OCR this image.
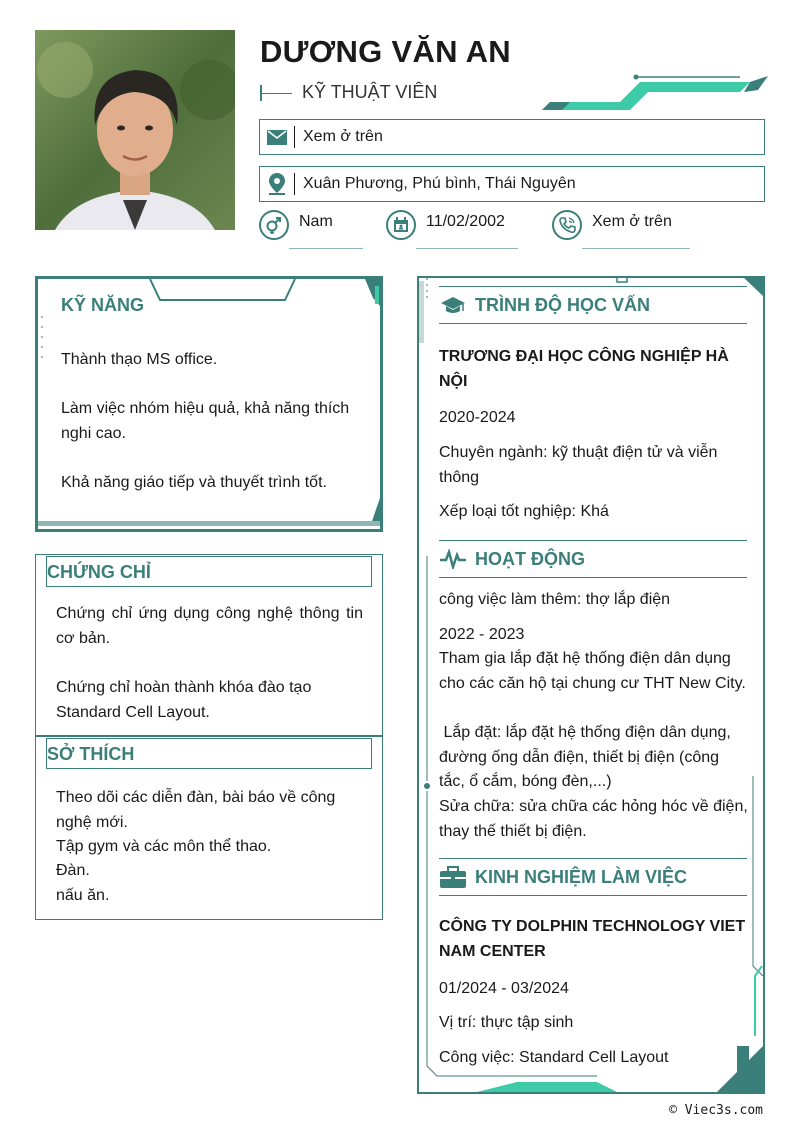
DƯƠNG VĂN AN
KỸ THUẬT VIÊN
Xem ở trên
Xuân Phương, Phú bình, Thái Nguyên
Nam	11/02/2002	Xem ở trên
KỸ NĂNG
Thành thạo MS office.
Làm việc nhóm hiệu quả, khả năng thích nghi cao.
Khả năng giáo tiếp và thuyết trình tốt.
CHỨNG CHỈ
Chứng chỉ ứng dụng công nghệ thông tin cơ bản.
Chứng chỉ hoàn thành khóa đào tạo Standard Cell Layout.
SỞ THÍCH
Theo dõi các diễn đàn, bài báo về công nghệ mới.
Tập gym và các môn thể thao.
Đàn.
nấu ăn.
TRÌNH ĐỘ HỌC VẤN
TRƯƠNG ĐẠI HỌC CÔNG NGHIỆP HÀ NỘI
2020-2024
Chuyên ngành: kỹ thuật điện tử và viễn thông
Xếp loại tốt nghiệp: Khá
HOẠT ĐỘNG
công việc làm thêm: thợ lắp điện
2022 - 2023
Tham gia lắp đặt hệ thống điện dân dụng cho các căn hộ tại chung cư THT New City.
Lắp đặt: lắp đặt hệ thống điện dân dụng, đường ống dẫn điện, thiết bị điện (công tắc, ổ cắm, bóng đèn,...)
Sửa chữa: sửa chữa các hỏng hóc về điện, thay thế thiết bị điện.
KINH NGHIỆM LÀM VIỆC
CÔNG TY DOLPHIN TECHNOLOGY VIET NAM CENTER
01/2024 - 03/2024
Vị trí: thực tập sinh
Công việc: Standard Cell Layout
© Viec3s.com
